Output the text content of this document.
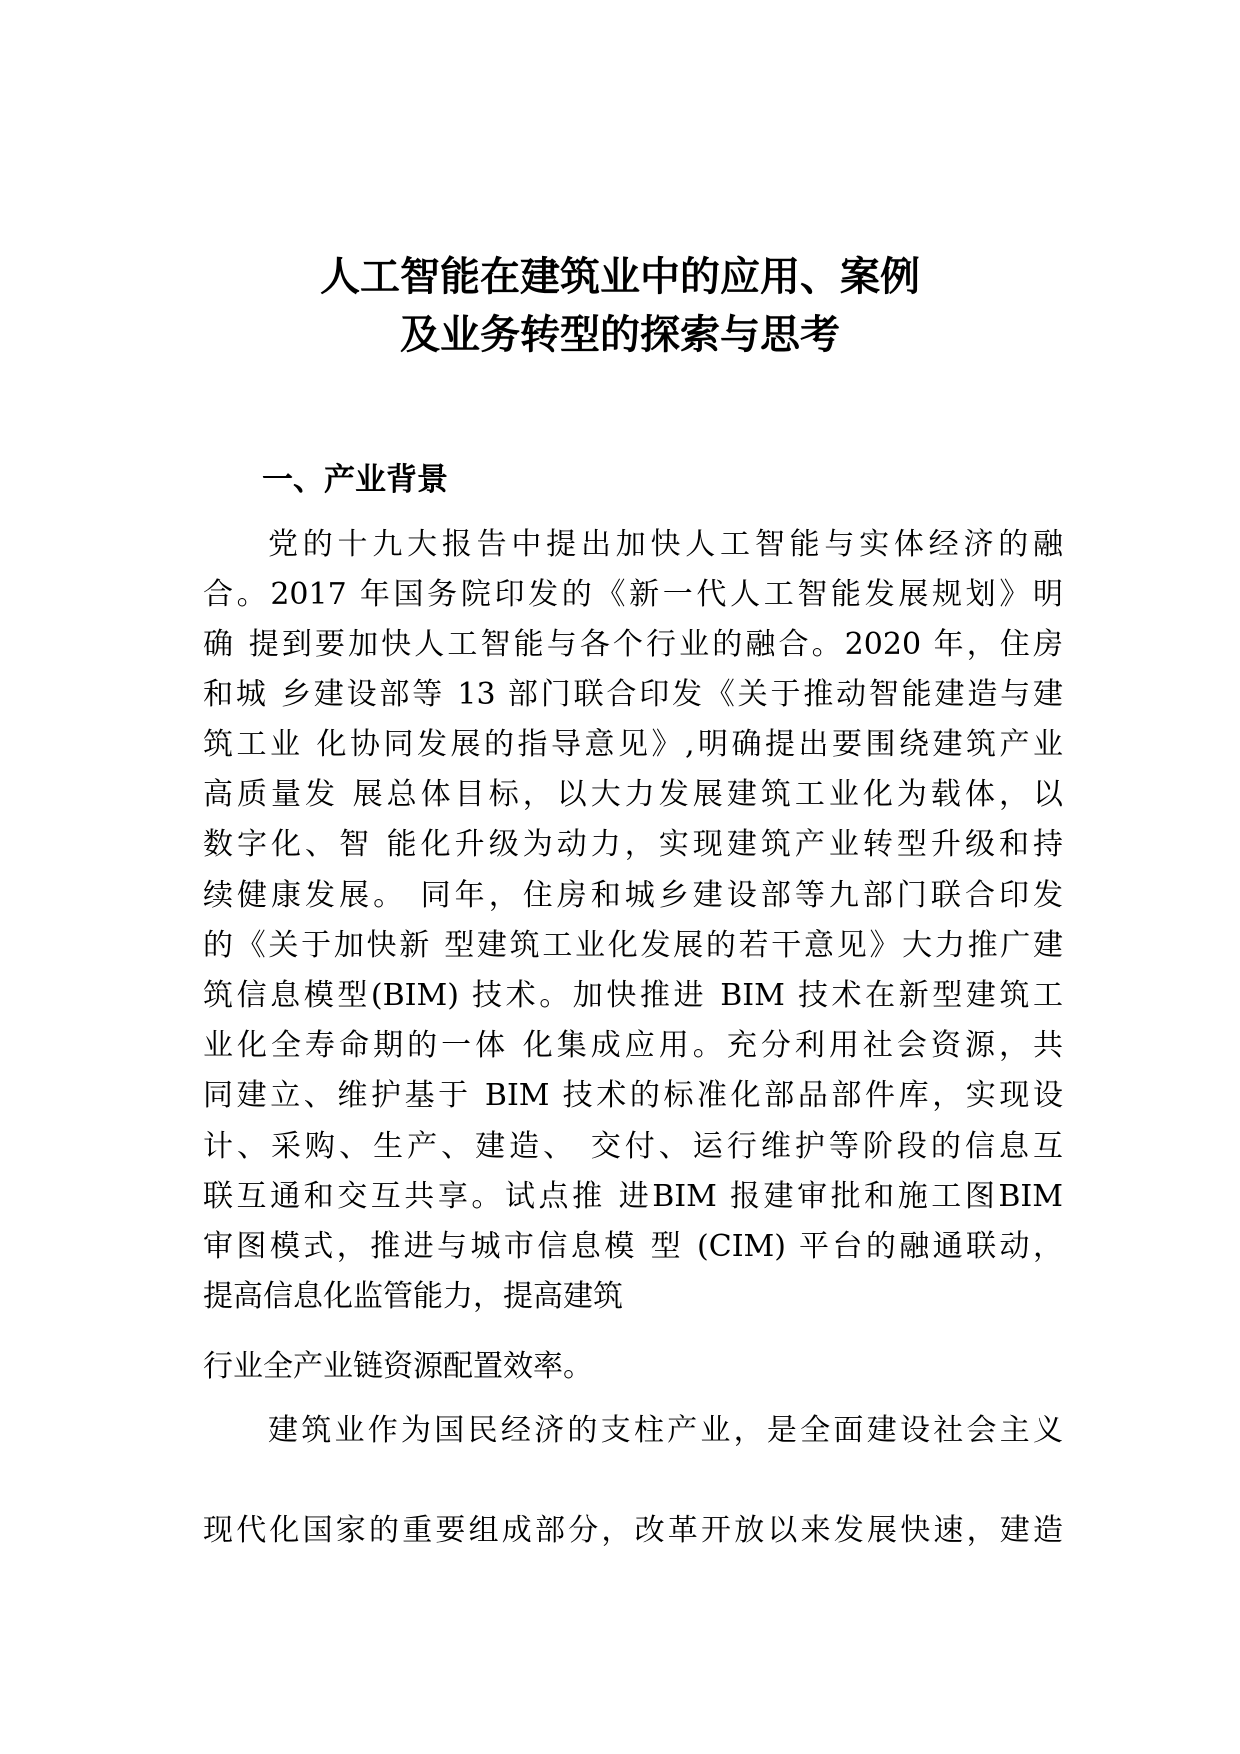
人工智能在建筑业中的应用、案例
及业务转型的探索与思考
一、产业背景
党的十九大报告中提出加快人工智能与实体经济的融
合。2017 年国务院印发的《新一代人工智能发展规划》明
确 提到要加快人工智能与各个行业的融合。2020 年，住房
和城 乡建设部等 13 部门联合印发《关于推动智能建造与建
筑工业 化协同发展的指导意见》,明确提出要围绕建筑产业
高质量发 展总体目标，以大力发展建筑工业化为载体，以
数字化、智 能化升级为动力，实现建筑产业转型升级和持
续健康发展。 同年，住房和城乡建设部等九部门联合印发
的《关于加快新 型建筑工业化发展的若干意见》大力推广建
筑信息模型(BIM) 技术。加快推进 BIM 技术在新型建筑工
业化全寿命期的一体 化集成应用。充分利用社会资源，共
同建立、维护基于 BIM 技术的标准化部品部件库，实现设
计、采购、生产、建造、 交付、运行维护等阶段的信息互
联互通和交互共享。试点推 进BIM 报建审批和施工图BIM
审图模式，推进与城市信息模 型 (CIM) 平台的融通联动，
提高信息化监管能力，提高建筑
行业全产业链资源配置效率。
建筑业作为国民经济的支柱产业，是全面建设社会主义
现代化国家的重要组成部分，改革开放以来发展快速，建造
